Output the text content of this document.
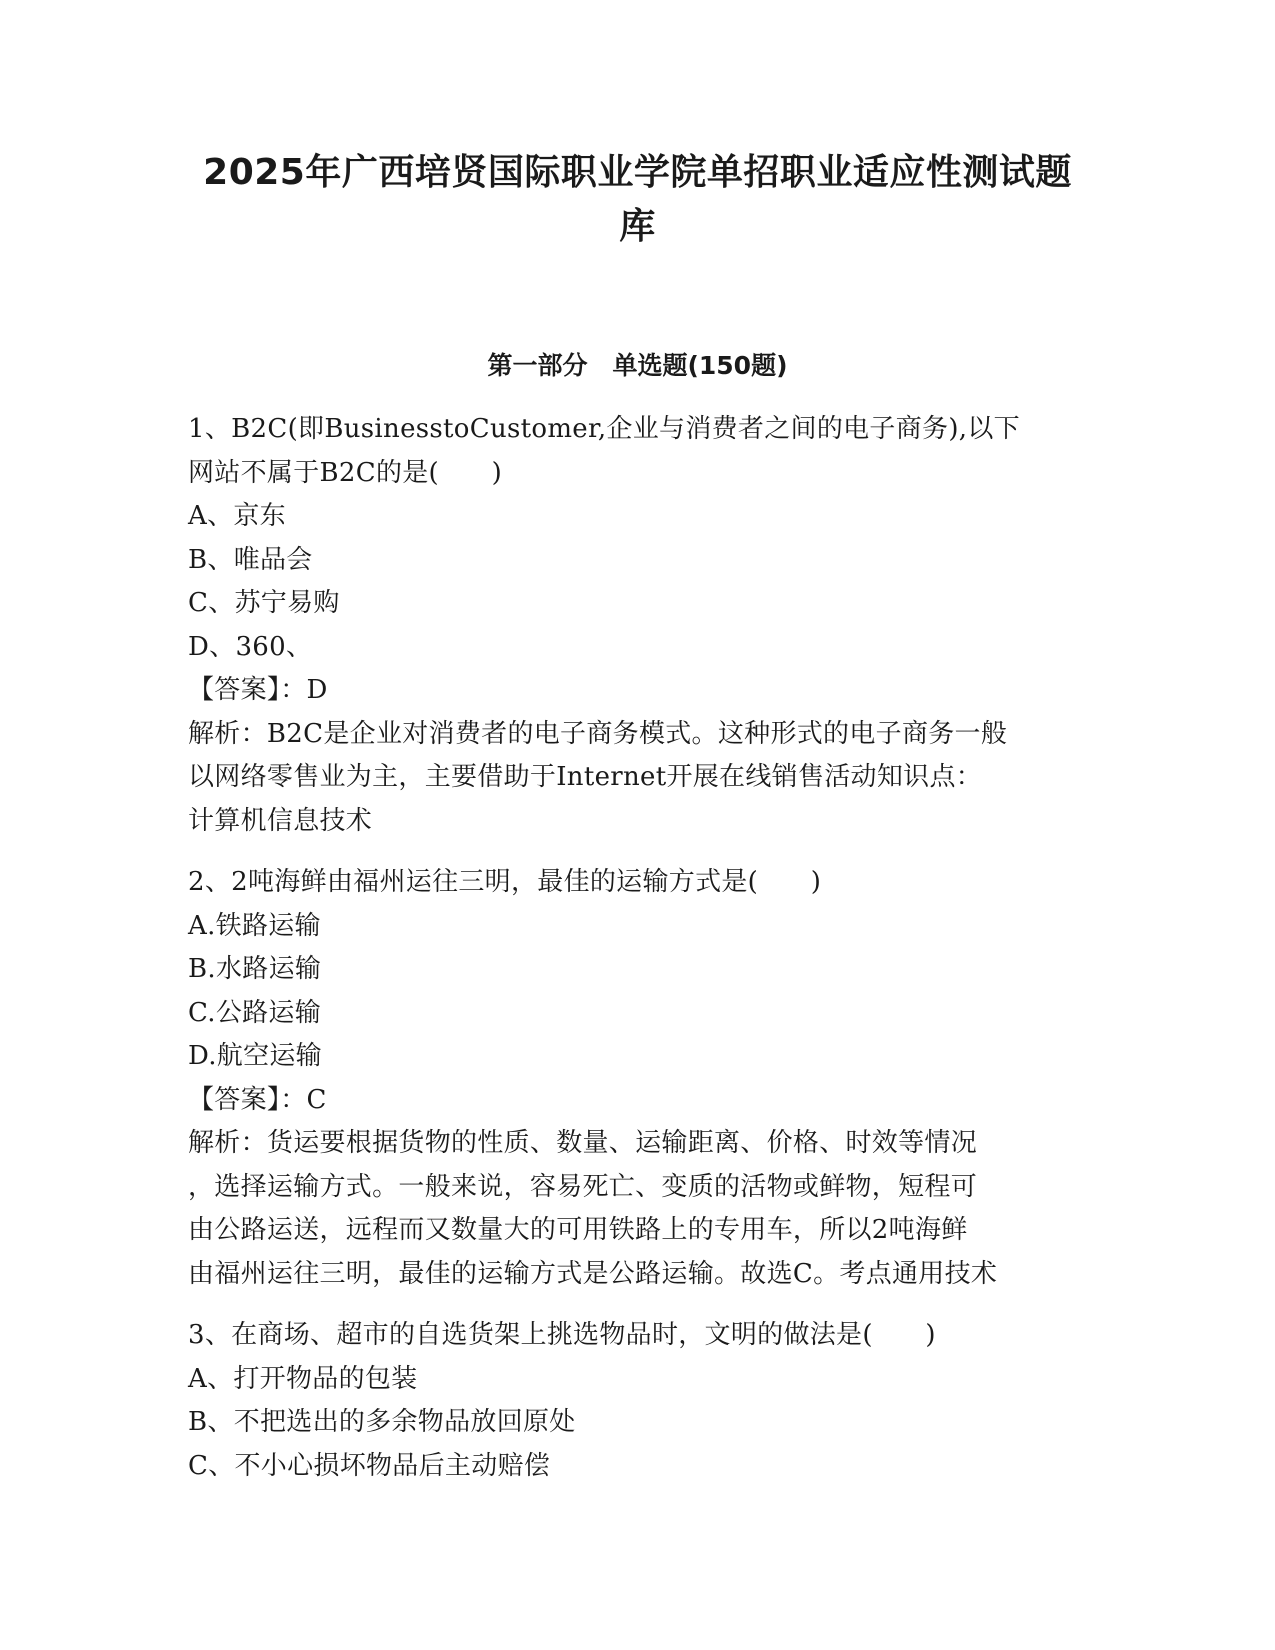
2025年广西培贤国际职业学院单招职业适应性测试题库
第一部分　单选题(150题)
1、B2C(即BusinesstoCustomer,企业与消费者之间的电子商务),以下
网站不属于B2C的是(　　)
A、京东
B、唯品会
C、苏宁易购
D、360、
【答案】：D
解析：B2C是企业对消费者的电子商务模式。这种形式的电子商务一般
以网络零售业为主，主要借助于Internet开展在线销售活动知识点：
计算机信息技术
2、2吨海鲜由福州运往三明，最佳的运输方式是(　　)
A.铁路运输
B.水路运输
C.公路运输
D.航空运输
【答案】：C
解析：货运要根据货物的性质、数量、运输距离、价格、时效等情况
，选择运输方式。一般来说，容易死亡、变质的活物或鲜物，短程可
由公路运送，远程而又数量大的可用铁路上的专用车，所以2吨海鲜
由福州运往三明，最佳的运输方式是公路运输。故选C。考点通用技术
3、在商场、超市的自选货架上挑选物品时，文明的做法是(　　)
A、打开物品的包装
B、不把选出的多余物品放回原处
C、不小心损坏物品后主动赔偿
